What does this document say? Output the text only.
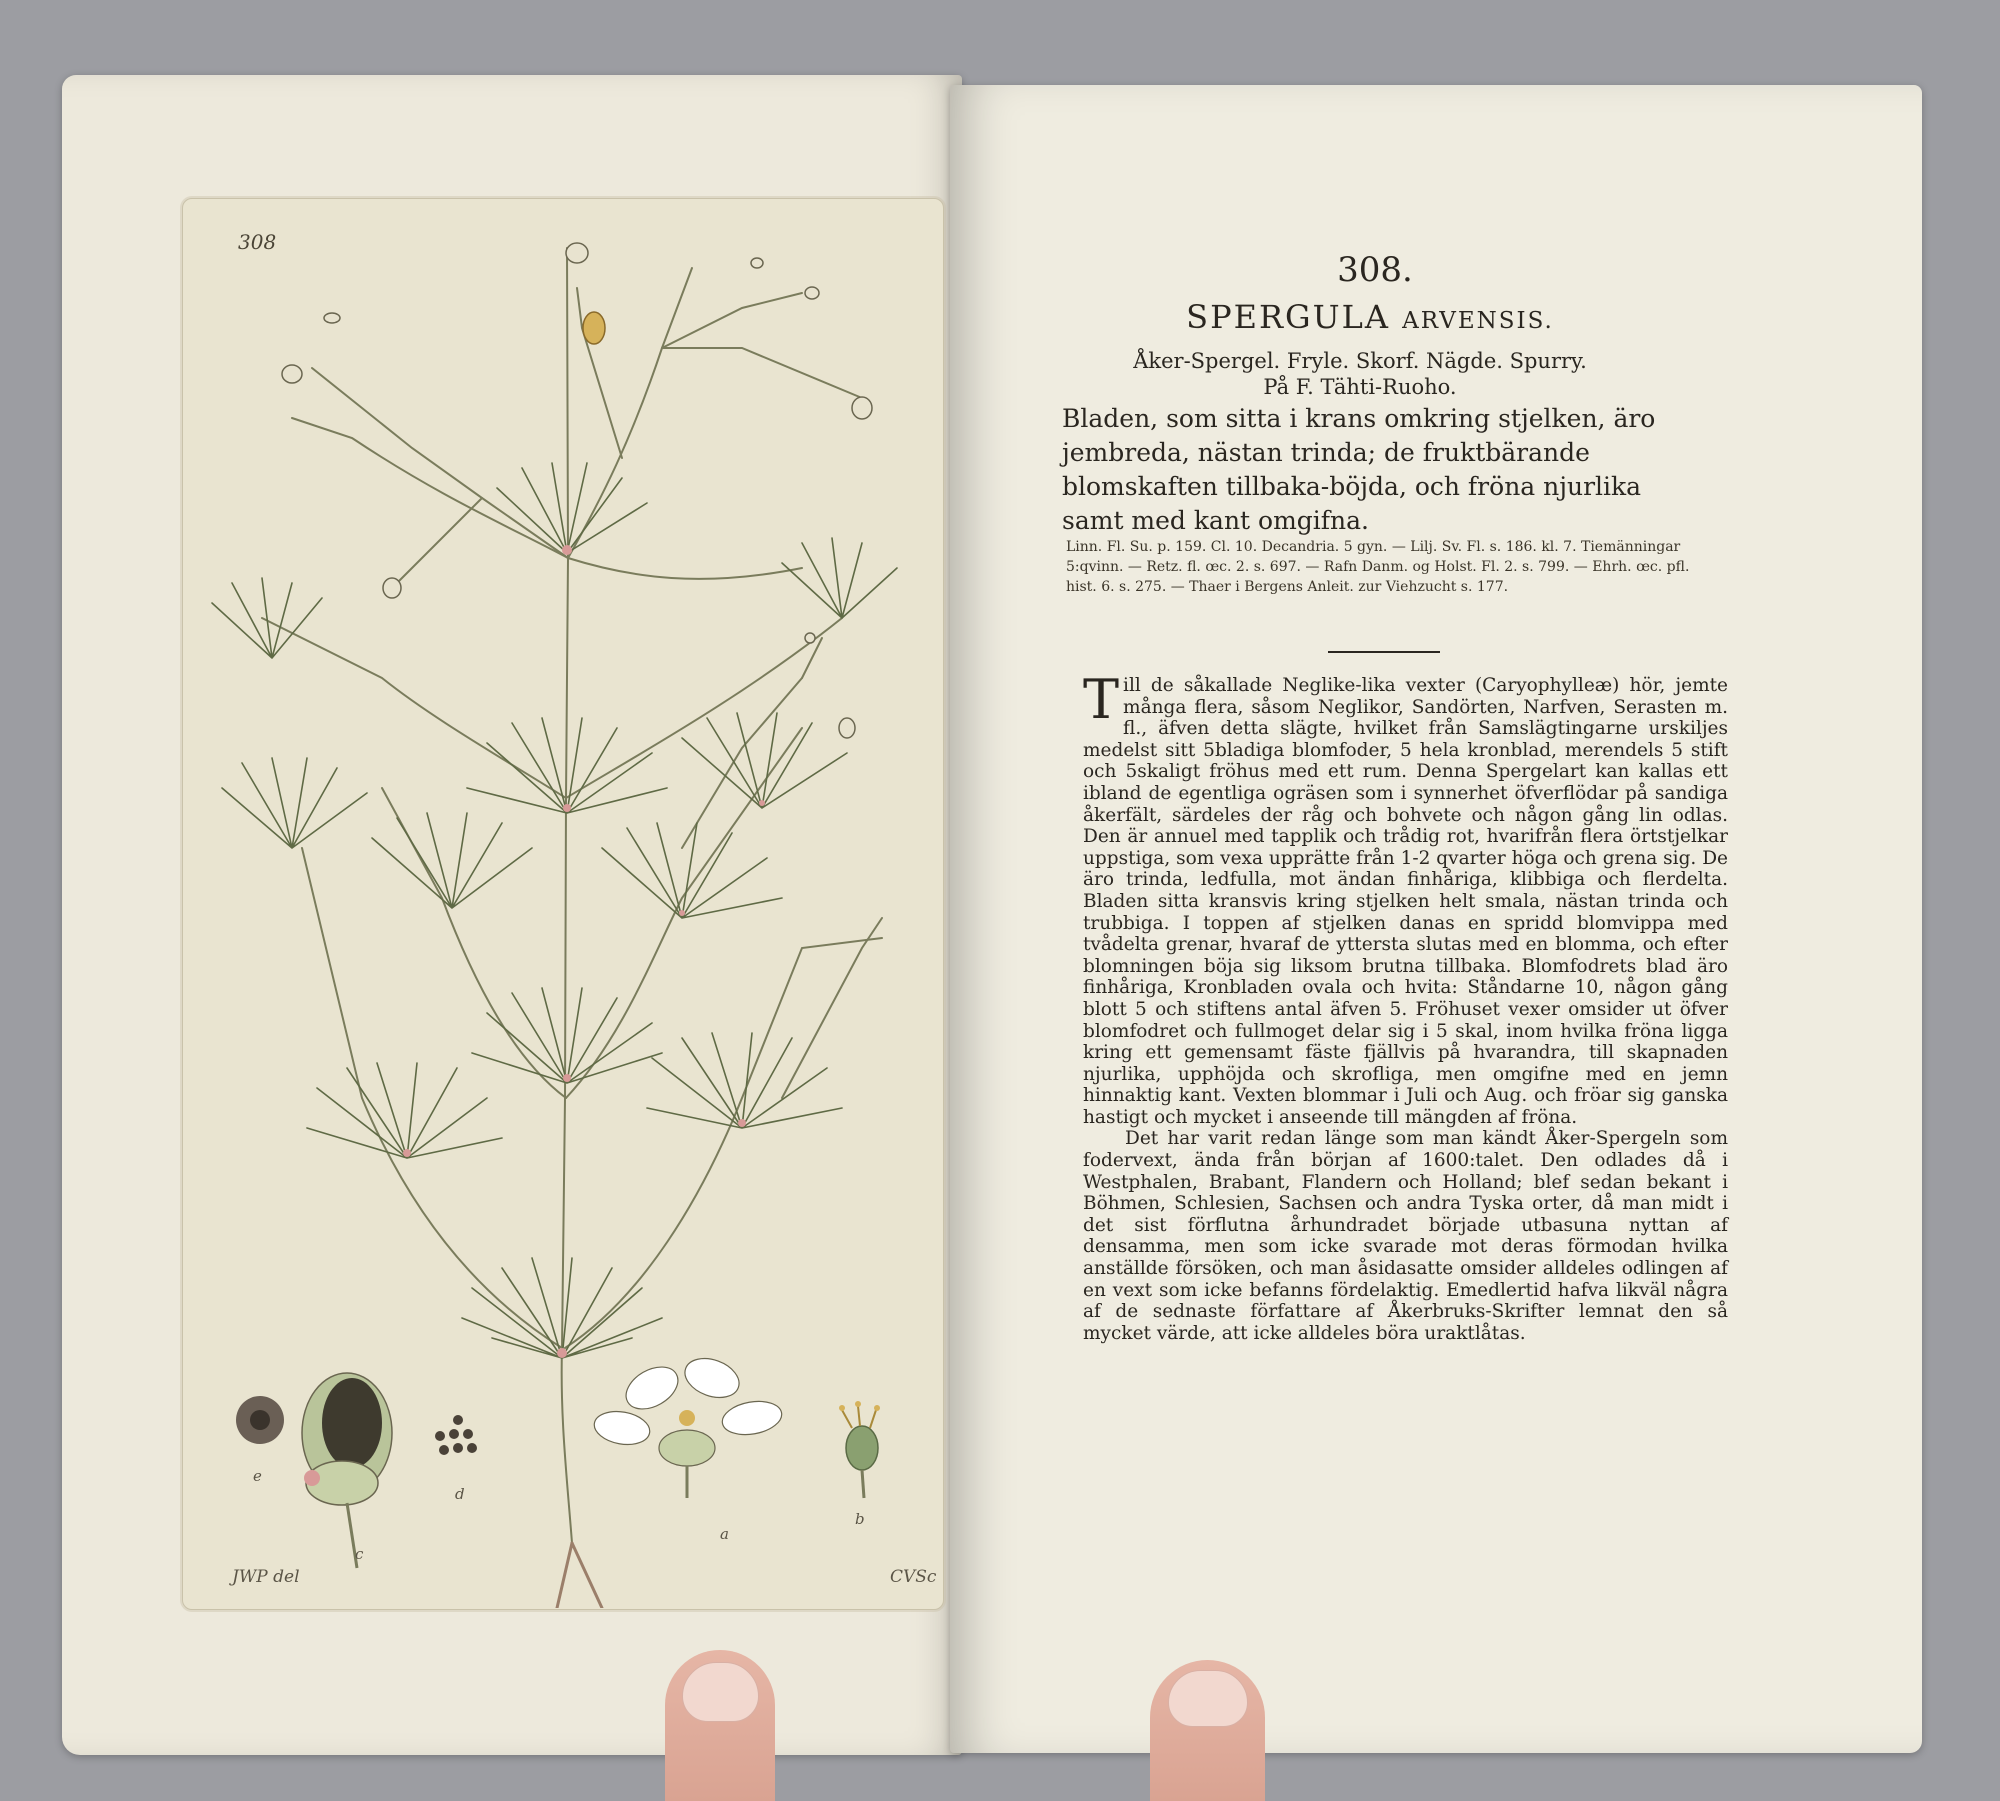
308
JWP del	CVSc
e
c
d
a
b
308.
SPERGULA ARVENSIS.
Åker-Spergel. Fryle. Skorf. Nägde. Spurry.
På F. Tähti-Ruoho.
Bladen, som sitta i krans omkring stjelken, äro jembreda, nästan trinda; de fruktbärande blomskaften tillbaka-böjda, och fröna njurlika samt med kant omgifna.
Linn. Fl. Su. p. 159. Cl. 10. Decandria. 5 gyn. — Lilj. Sv. Fl. s. 186. kl. 7. Tiemänningar 5:qvinn. — Retz. fl. œc. 2. s. 697. — Rafn Danm. og Holst. Fl. 2. s. 799. — Ehrh. œc. pfl. hist. 6. s. 275. — Thaer i Bergens Anleit. zur Viehzucht s. 177.

Till de såkallade Neglike-lika vexter (Caryophylleæ) hör, jemte många flera, såsom Neglikor, Sandörten, Narfven, Serasten m. fl., äfven detta slägte, hvilket från Samslägtingarne urskiljes medelst sitt 5bladiga blomfoder, 5 hela kronblad, merendels 5 stift och 5skaligt fröhus med ett rum. Denna Spergelart kan kallas ett ibland de egentliga ogräsen som i synnerhet öfverflödar på sandiga åkerfält, särdeles der råg och bohvete och någon gång lin odlas. Den är annuel med tapplik och trådig rot, hvarifrån flera örtstjelkar uppstiga, som vexa upprätte från 1-2 qvarter höga och grena sig. De äro trinda, ledfulla, mot ändan finhåriga, klibbiga och flerdelta. Bladen sitta kransvis kring stjelken helt smala, nästan trinda och trubbiga. I toppen af stjelken danas en spridd blomvippa med tvådelta grenar, hvaraf de yttersta slutas med en blomma, och efter blomningen böja sig liksom brutna tillbaka. Blomfodrets blad äro finhåriga, Kronbladen ovala och hvita: Ståndarne 10, någon gång blott 5 och stiftens antal äfven 5. Fröhuset vexer omsider ut öfver blomfodret och fullmoget delar sig i 5 skal, inom hvilka fröna ligga kring ett gemensamt fäste fjällvis på hvarandra, till skapnaden njurlika, upphöjda och skrofliga, men omgifne med en jemn hinnaktig kant. Vexten blommar i Juli och Aug. och fröar sig ganska hastigt och mycket i anseende till mängden af fröna.

Det har varit redan länge som man kändt Åker-Spergeln som fodervext, ända från början af 1600:talet. Den odlades då i Westphalen, Brabant, Flandern och Holland; blef sedan bekant i Böhmen, Schlesien, Sachsen och andra Tyska orter, då man midt i det sist förflutna århundradet började utbasuna nyttan af densamma, men som icke svarade mot deras förmodan hvilka anställde försöken, och man åsidasatte omsider alldeles odlingen af en vext som icke befanns fördelaktig. Emedlertid hafva likväl några af de sednaste författare af Åkerbruks-Skrifter lemnat den så mycket värde, att icke alldeles böra uraktlåtas.
